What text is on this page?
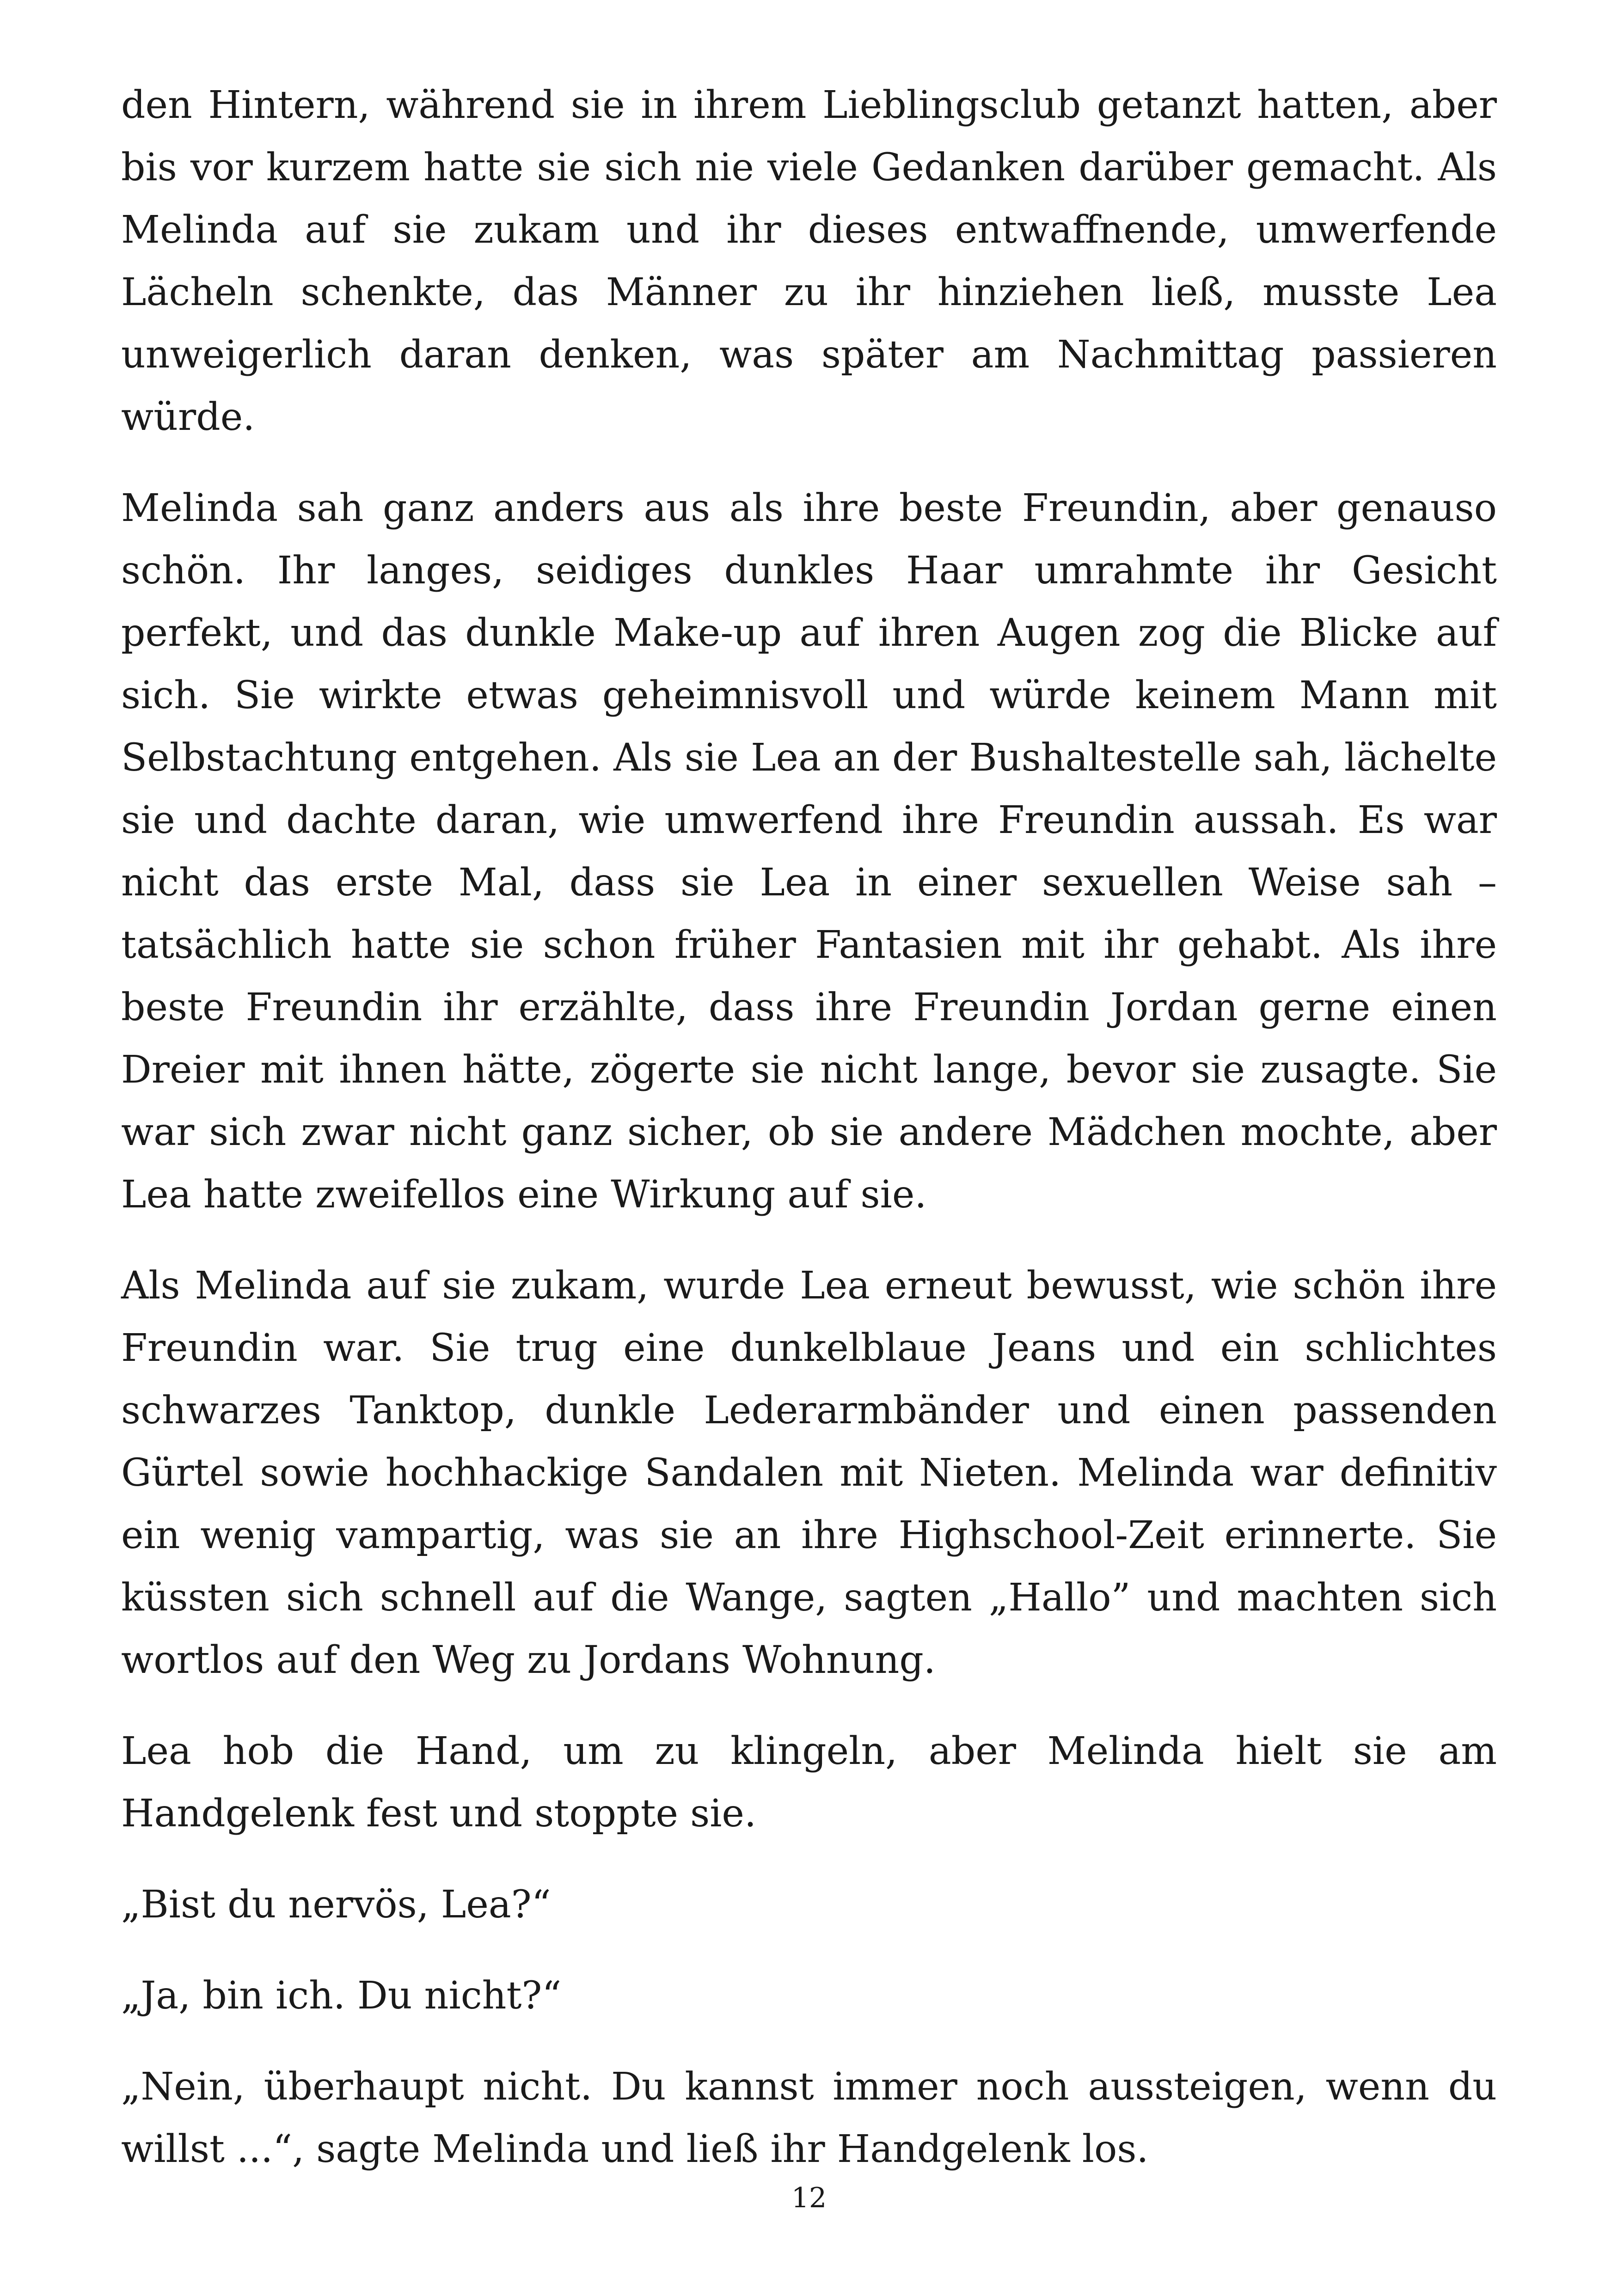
den Hintern, während sie in ihrem Lieblingsclub getanzt hatten, aber bis vor kurzem hatte sie sich nie viele Gedanken darüber gemacht. Als Melinda auf sie zukam und ihr dieses entwaffnende, umwerfende Lächeln schenkte, das Männer zu ihr hinziehen ließ, musste Lea unweigerlich daran denken, was später am Nachmittag passieren würde.

Melinda sah ganz anders aus als ihre beste Freundin, aber genauso schön. Ihr langes, seidiges dunkles Haar umrahmte ihr Gesicht perfekt, und das dunkle Make-up auf ihren Augen zog die Blicke auf sich. Sie wirkte etwas geheimnisvoll und würde keinem Mann mit Selbstachtung entgehen. Als sie Lea an der Bushaltestelle sah, lächelte sie und dachte daran, wie umwerfend ihre Freundin aussah. Es war nicht das erste Mal, dass sie Lea in einer sexuellen Weise sah – tatsächlich hatte sie schon früher Fantasien mit ihr gehabt. Als ihre beste Freundin ihr erzählte, dass ihre Freundin Jordan gerne einen Dreier mit ihnen hätte, zögerte sie nicht lange, bevor sie zusagte. Sie war sich zwar nicht ganz sicher, ob sie andere Mädchen mochte, aber Lea hatte zweifellos eine Wirkung auf sie.

Als Melinda auf sie zukam, wurde Lea erneut bewusst, wie schön ihre Freundin war. Sie trug eine dunkelblaue Jeans und ein schlichtes schwarzes Tanktop, dunkle Lederarmbänder und einen passenden Gürtel sowie hochhackige Sandalen mit Nieten. Melinda war definitiv ein wenig vampartig, was sie an ihre Highschool-Zeit erinnerte. Sie küssten sich schnell auf die Wange, sagten „Hallo” und machten sich wortlos auf den Weg zu Jordans Wohnung.

Lea hob die Hand, um zu klingeln, aber Melinda hielt sie am Handgelenk fest und stoppte sie.

„Bist du nervös, Lea?“

„Ja, bin ich. Du nicht?“

„Nein, überhaupt nicht. Du kannst immer noch aussteigen, wenn du willst ...“, sagte Melinda und ließ ihr Handgelenk los.

12
